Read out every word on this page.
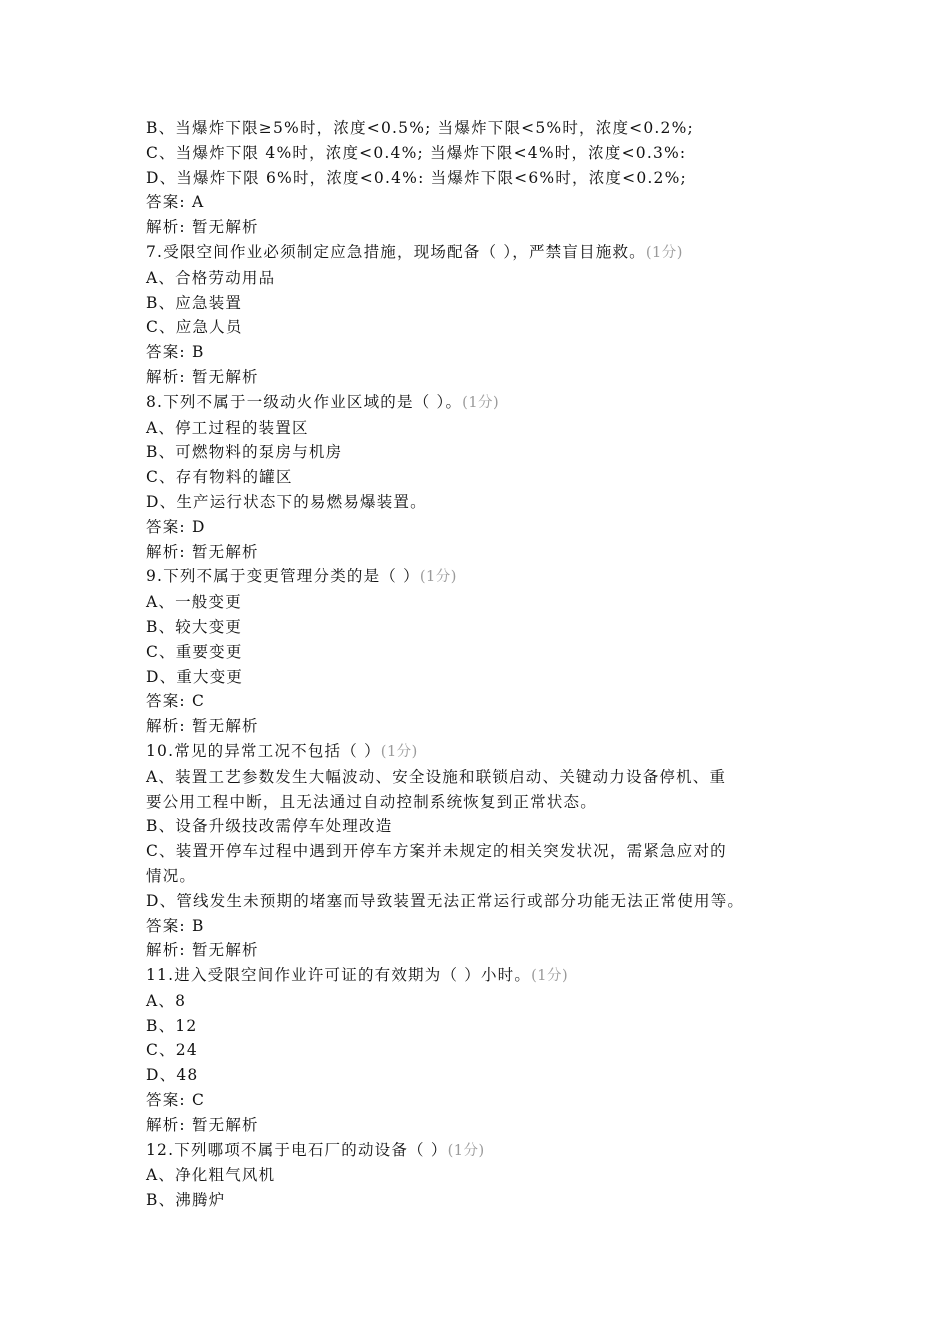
B、当爆炸下限≥5%时，浓度<0.5%; 当爆炸下限<5%时，浓度<0.2%;
C、当爆炸下限 4%时，浓度<0.4%; 当爆炸下限<4%时，浓度<0.3%:
D、当爆炸下限 6%时，浓度<0.4%: 当爆炸下限<6%时，浓度<0.2%;
答案: A
解析: 暂无解析
7.受限空间作业必须制定应急措施，现场配备（ ），严禁盲目施救。(1分)
A、合格劳动用品
B、应急装置
C、应急人员
答案: B
解析: 暂无解析
8.下列不属于一级动火作业区域的是（ ）。(1分)
A、停工过程的装置区
B、可燃物料的泵房与机房
C、存有物料的罐区
D、生产运行状态下的易燃易爆装置。
答案: D
解析: 暂无解析
9.下列不属于变更管理分类的是（ ）(1分)
A、一般变更
B、较大变更
C、重要变更
D、重大变更
答案: C
解析: 暂无解析
10.常见的异常工况不包括（ ）(1分)
A、装置工艺参数发生大幅波动、安全设施和联锁启动、关键动力设备停机、重
要公用工程中断，且无法通过自动控制系统恢复到正常状态。
B、设备升级技改需停车处理改造
C、装置开停车过程中遇到开停车方案并未规定的相关突发状况，需紧急应对的
情况。
D、管线发生未预期的堵塞而导致装置无法正常运行或部分功能无法正常使用等。
答案: B
解析: 暂无解析
11.进入受限空间作业许可证的有效期为（ ）小时。(1分)
A、8
B、12
C、24
D、48
答案: C
解析: 暂无解析
12.下列哪项不属于电石厂的动设备（ ）(1分)
A、净化粗气风机
B、沸腾炉
